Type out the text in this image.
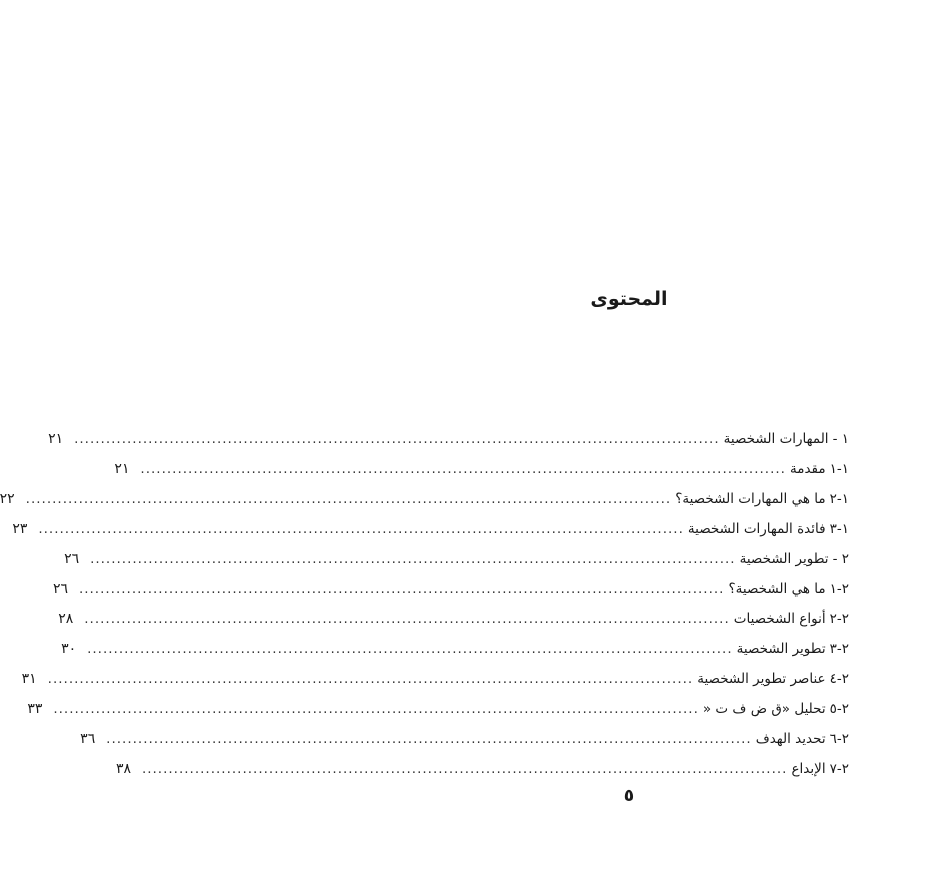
المحتوى
١ -
المهارات الشخصية
..........................................................................................................................
٢١
١-١
مقدمة
..........................................................................................................................
٢١
١-٢
ما هي المهارات الشخصية؟
..........................................................................................................................
٢٢
١-٣
فائدة المهارات الشخصية
..........................................................................................................................
٢٣
٢ -
تطوير الشخصية
..........................................................................................................................
٢٦
٢-١
ما هي الشخصية؟
..........................................................................................................................
٢٦
٢-٢
أنواع الشخصيات
..........................................................................................................................
٢٨
٢-٣
تطوير الشخصية
..........................................................................................................................
٣٠
٢-٤
عناصر تطوير الشخصية
..........................................................................................................................
٣١
٢-٥
تحليل «ق ض ف ت «
..........................................................................................................................
٣٣
٢-٦
تحديد الهدف
..........................................................................................................................
٣٦
٢-٧
الإبداع
..........................................................................................................................
٣٨
٥
